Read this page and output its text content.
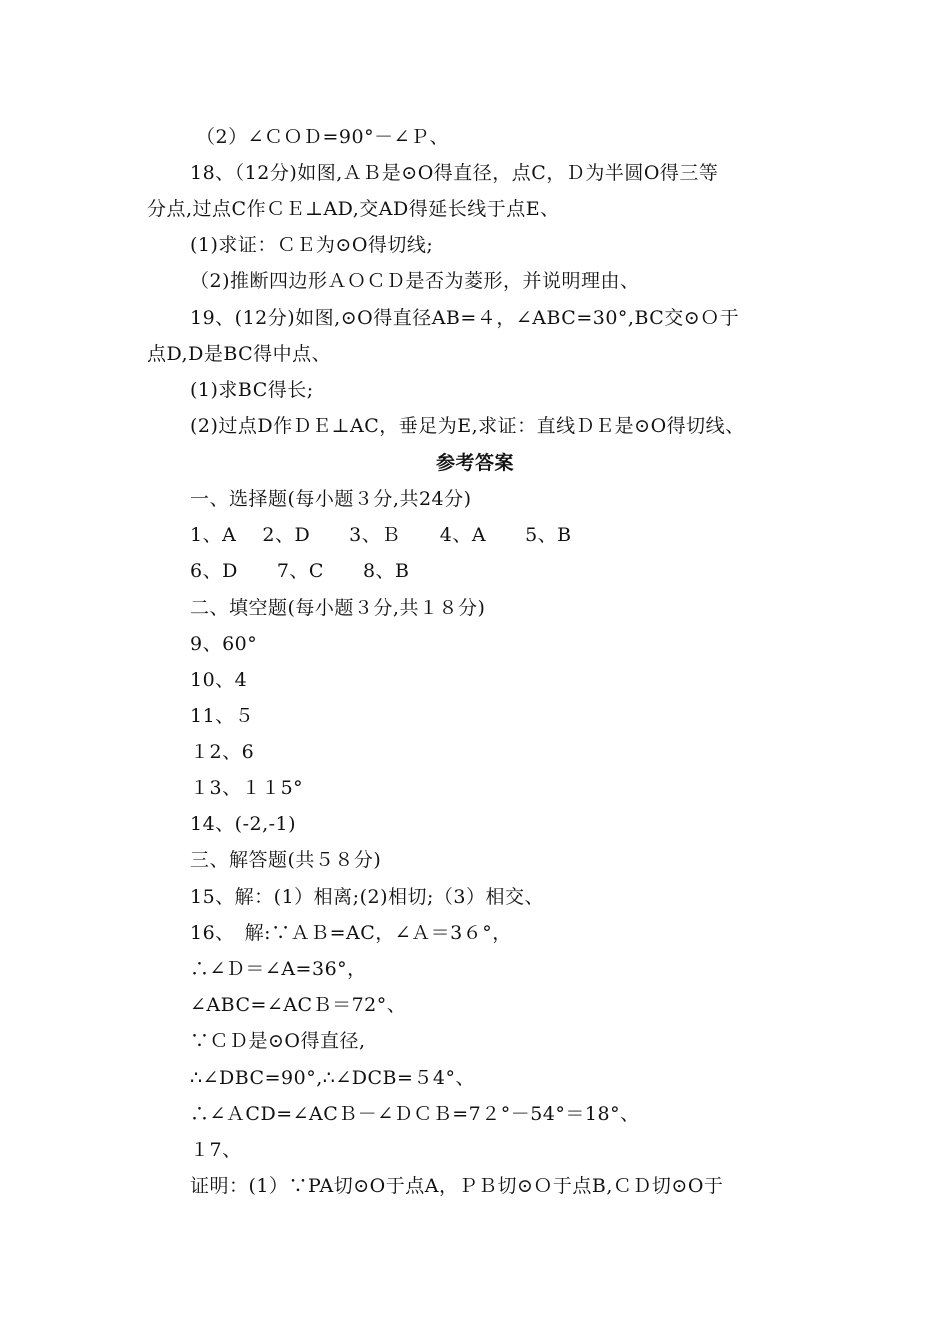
（2）∠ＣＯＤ=90°－∠Ｐ、
18、（12分)如图,ＡＢ是⊙O得直径，点C，Ｄ为半圆O得三等
分点,过点C作ＣＥ⊥AD,交AD得延长线于点E、
(1)求证：ＣＥ为⊙O得切线;
（2)推断四边形ＡＯＣＤ是否为菱形，并说明理由、
19、(12分)如图,⊙O得直径AB=４，∠ABC=30°,BC交⊙Ｏ于
点D,D是BC得中点、
(1)求BC得长;
(2)过点D作ＤＥ⊥AC，垂足为E,求证：直线ＤＥ是⊙O得切线、
参考答案
一、选择题(每小题３分,共24分)
1、A　 2、D　　3、Ｂ　　4、A　　5、B
6、D　　7、C　　8、B
二、填空题(每小题３分,共１８分)
9、60°
10、4
11、５
１2、6
１3、１１5°
14、(-2,-1)
三、解答题(共５８分)
15、解：(1）相离;(2)相切;（3）相交、
16、　解:∵ＡＢ=AC，∠Ａ＝3６°，
∴∠Ｄ＝∠A=36°，
∠ABC=∠ACＢ＝72°、
∵ＣＤ是⊙O得直径,
∴∠DBC=90°,∴∠DCB=５4°、
∴∠ＡCD=∠ACＢ－∠ＤＣＢ=7２°－54°＝18°、
１7、
证明：(1）∵PA切⊙O于点A，ＰＢ切⊙Ｏ于点B,ＣＤ切⊙O于
